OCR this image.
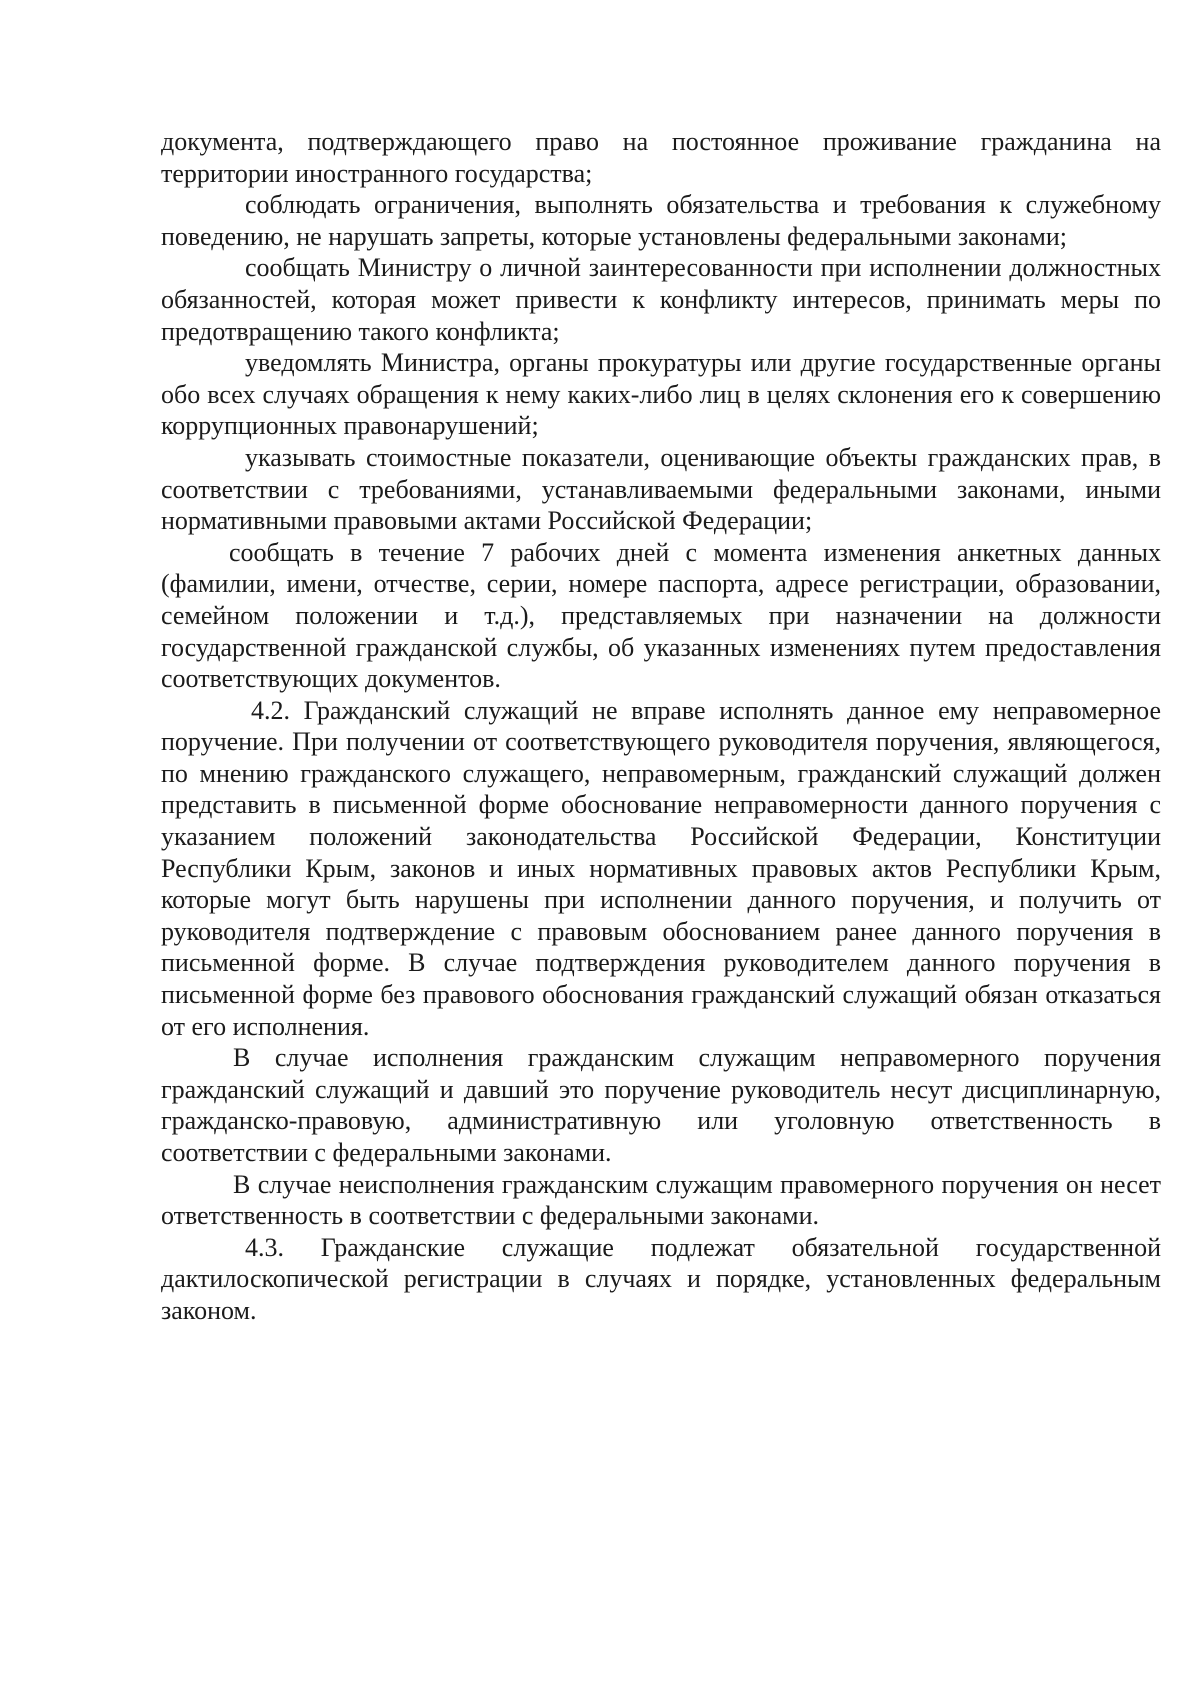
документа, подтверждающего право на постоянное проживание гражданина на территории иностранного государства;

соблюдать ограничения, выполнять обязательства и требования к служебному поведению, не нарушать запреты, которые установлены федеральными законами;

сообщать Министру о личной заинтересованности при исполнении должностных обязанностей, которая может привести к конфликту интересов, принимать меры по предотвращению такого конфликта;

уведомлять Министра, органы прокуратуры или другие государственные органы обо всех случаях обращения к нему каких-либо лиц в целях склонения его к совершению коррупционных правонарушений;

указывать стоимостные показатели, оценивающие объекты гражданских прав, в соответствии с требованиями, устанавливаемыми федеральными законами, иными нормативными правовыми актами Российской Федерации;

сообщать в течение 7 рабочих дней с момента изменения анкетных данных (фамилии, имени, отчестве, серии, номере паспорта, адресе регистрации, образовании, семейном положении и т.д.), представляемых при назначении на должности государственной гражданской службы, об указанных изменениях путем предоставления соответствующих документов.

4.2. Гражданский служащий не вправе исполнять данное ему неправомерное поручение. При получении от соответствующего руководителя поручения, являющегося, по мнению гражданского служащего, неправомерным, гражданский служащий должен представить в письменной форме обоснование неправомерности данного поручения с указанием положений законодательства Российской Федерации, Конституции Республики Крым, законов и иных нормативных правовых актов Республики Крым, которые могут быть нарушены при исполнении данного поручения, и получить от руководителя подтверждение с правовым обоснованием ранее данного поручения в письменной форме. В случае подтверждения руководителем данного поручения в письменной форме без правового обоснования гражданский служащий обязан отказаться от его исполнения.

В случае исполнения гражданским служащим неправомерного поручения гражданский служащий и давший это поручение руководитель несут дисциплинарную, гражданско-правовую, административную или уголовную ответственность в соответствии с федеральными законами.

В случае неисполнения гражданским служащим правомерного поручения он несет ответственность в соответствии с федеральными законами.

4.3. Гражданские служащие подлежат обязательной государственной дактилоскопической регистрации в случаях и порядке, установленных федеральным законом.
